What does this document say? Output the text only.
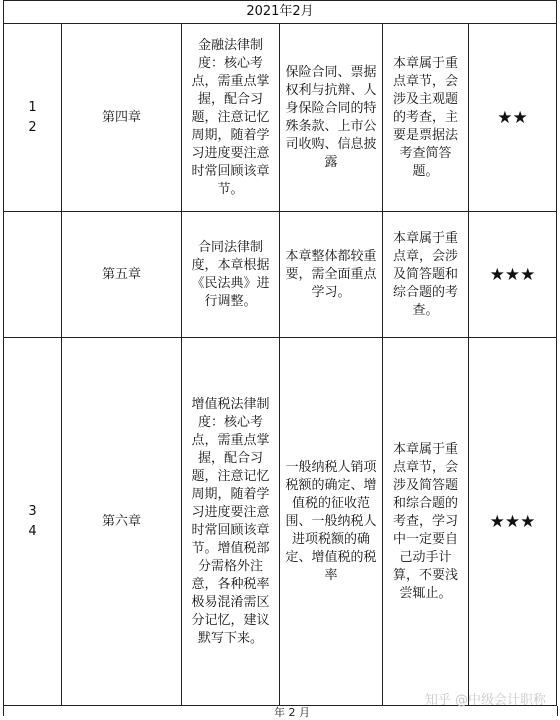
2021年2月					

1
2	第四章	金融法律制度：核心考点，需重点掌握，配合习题，注意记忆周期，随着学习进度要注意时常回顾该章节。	保险合同、票据权利与抗辩、人身保险合同的特殊条款、上市公司收购、信息披露	本章属于重点章节，会涉及主观题的考查，主要是票据法考查简答题。	★★
	第五章	合同法律制度，本章根据《民法典》进行调整。	本章整体都较重要，需全面重点学习。	本章属于重点章，会涉及简答题和综合题的考查。	★★★

3
4	第六章	增值税法律制度：核心考点，需重点掌握，配合习题，注意记忆周期，随着学习进度要注意时常回顾该章节。增值税部分需格外注意，各种税率极易混淆需区分记忆，建议默写下来。	一般纳税人销项税额的确定、增值税的征收范围、一般纳税人进项税额的确定、增值税的税率	本章属于重点章节，会涉及简答题和综合题的考查，学习中一定要自己动手计算，不要浅尝辄止。	★★★
年 2 月
知乎 @中级会计职称
